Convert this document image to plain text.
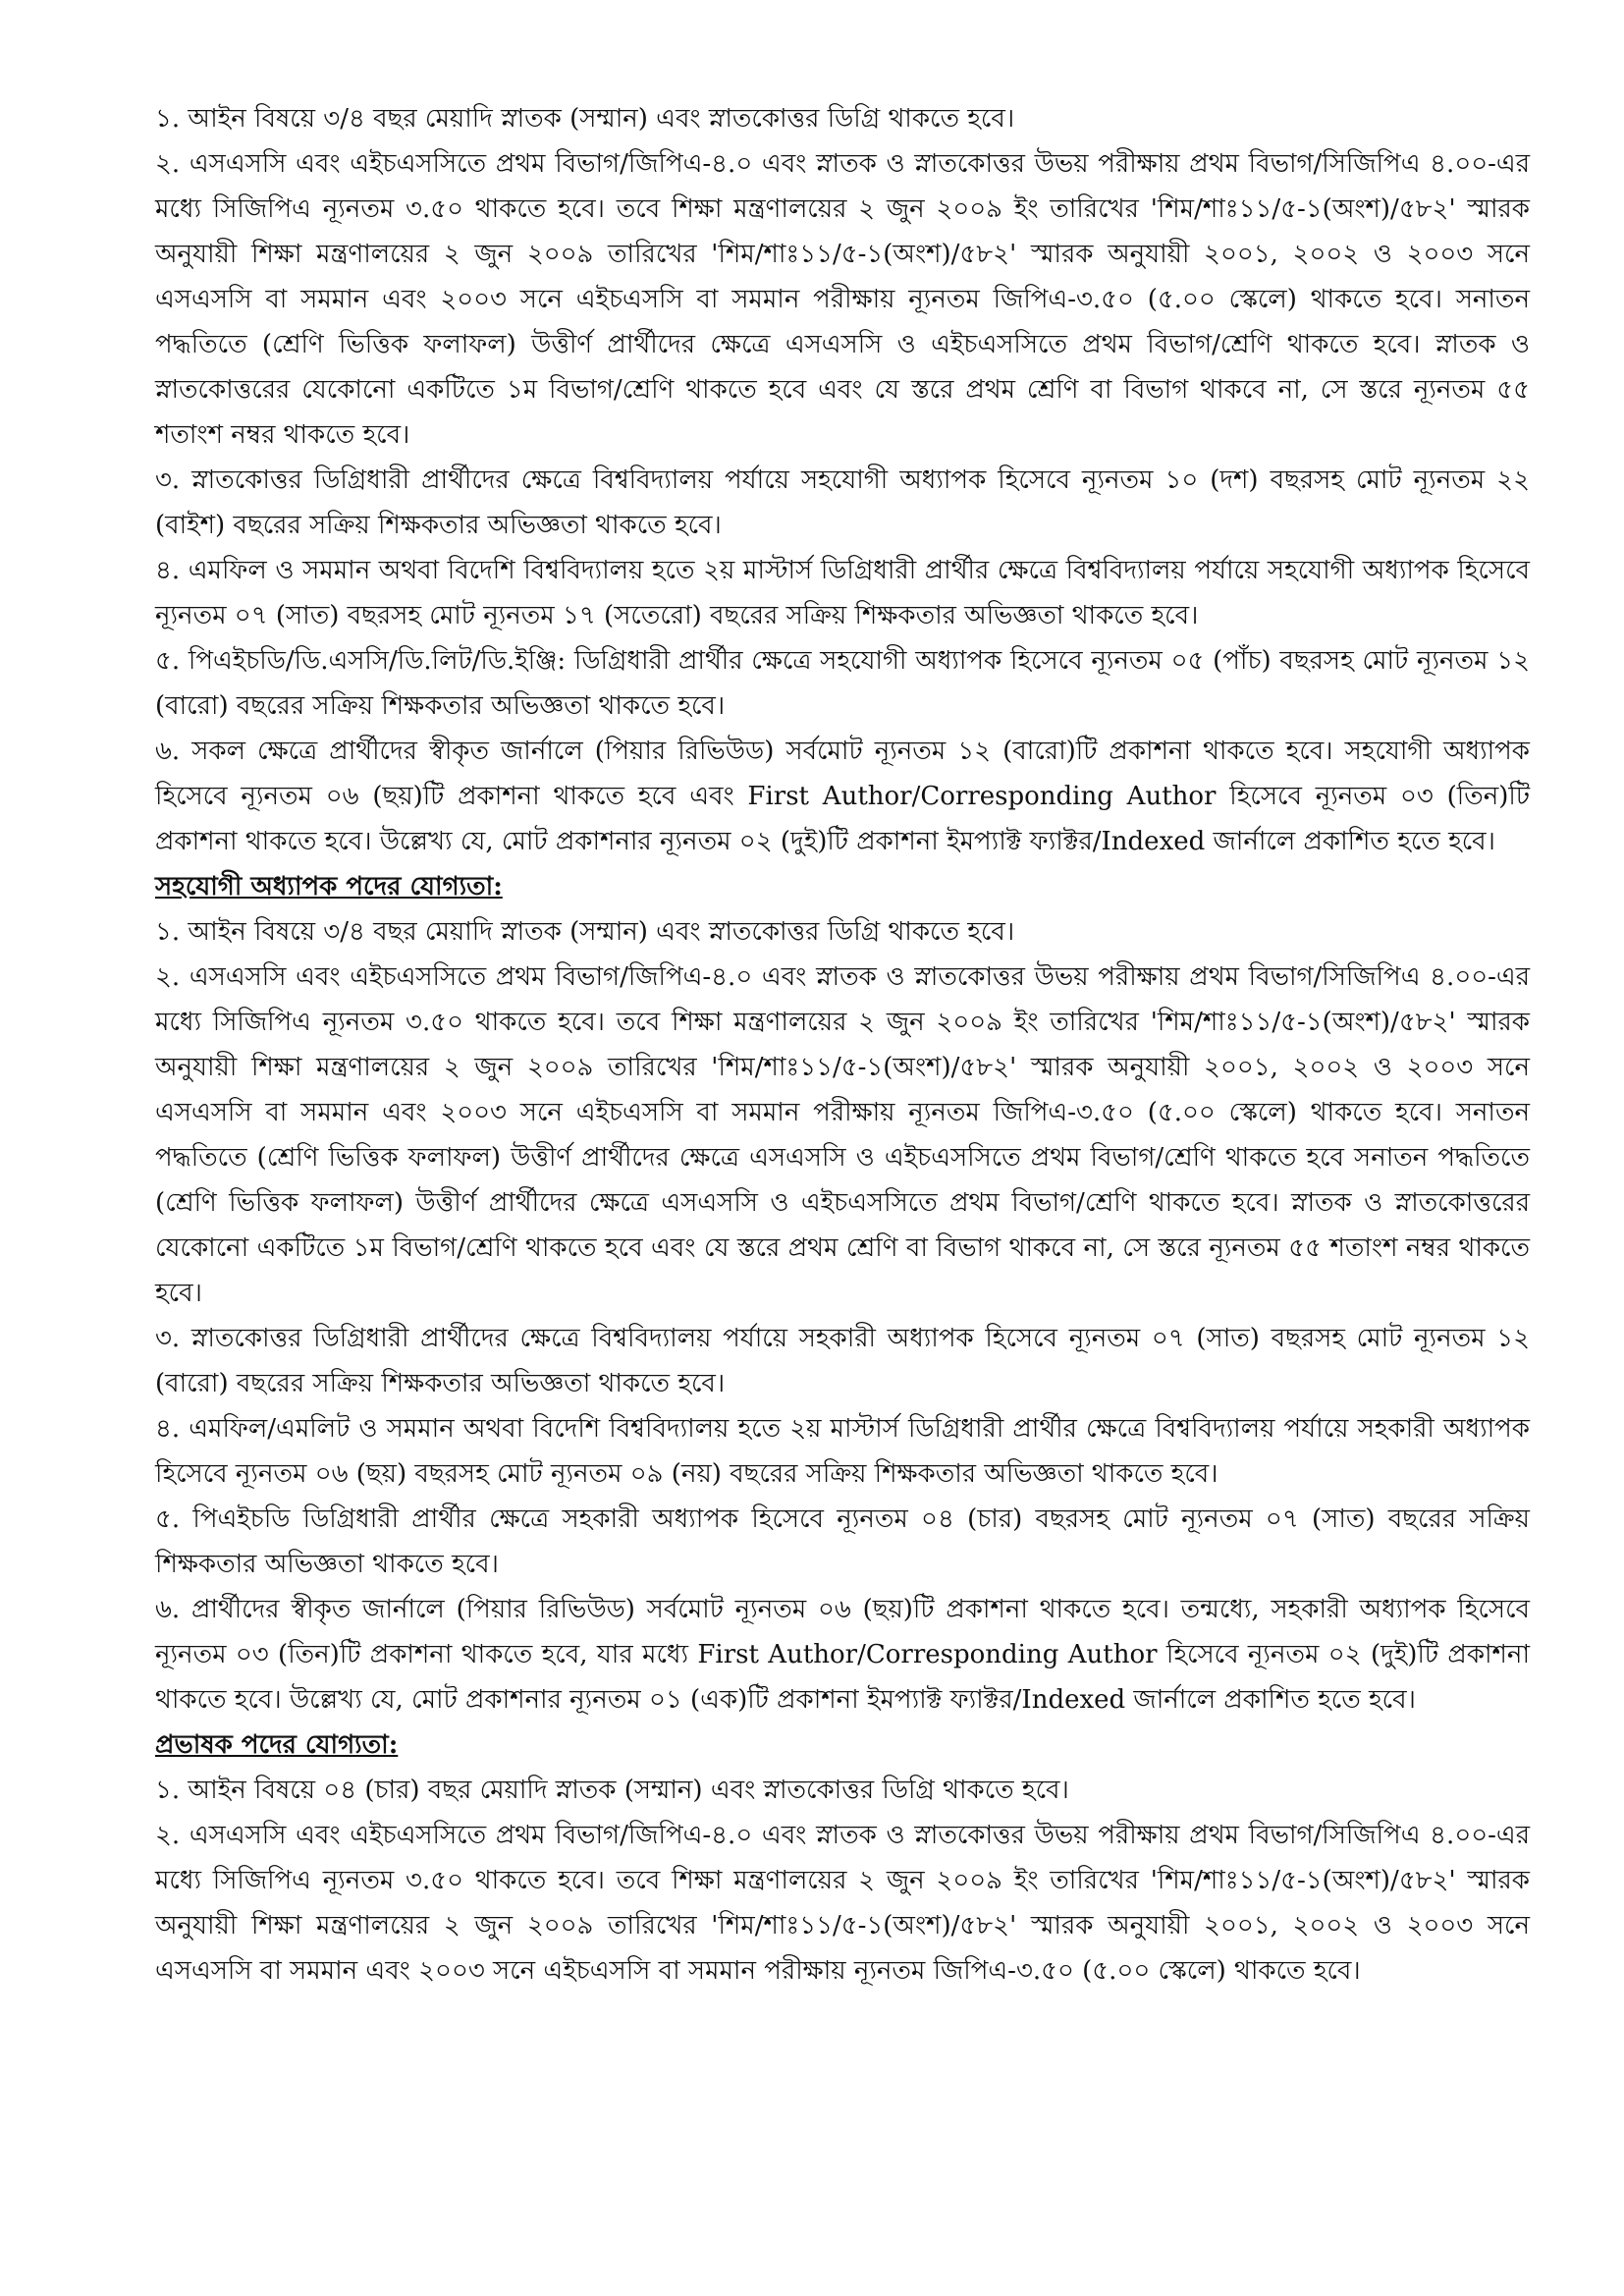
১. আইন বিষয়ে ৩/৪ বছর মেয়াদি স্নাতক (সম্মান) এবং স্নাতকোত্তর ডিগ্রি থাকতে হবে।

২. এসএসসি এবং এইচএসসিতে প্রথম বিভাগ/জিপিএ-৪.০ এবং স্নাতক ও স্নাতকোত্তর উভয় পরীক্ষায় প্রথম বিভাগ/সিজিপিএ ৪.০০-এর মধ্যে সিজিপিএ ন্যূনতম ৩.৫০ থাকতে হবে। তবে শিক্ষা মন্ত্রণালয়ের ২ জুন ২০০৯ ইং তারিখের 'শিম/শাঃ১১/৫-১(অংশ)/৫৮২' স্মারক অনুযায়ী শিক্ষা মন্ত্রণালয়ের ২ জুন ২০০৯ তারিখের 'শিম/শাঃ১১/৫-১(অংশ)/৫৮২' স্মারক অনুযায়ী ২০০১, ২০০২ ও ২০০৩ সনে এসএসসি বা সমমান এবং ২০০৩ সনে এইচএসসি বা সমমান পরীক্ষায় ন্যূনতম জিপিএ-৩.৫০ (৫.০০ স্কেলে) থাকতে হবে। সনাতন পদ্ধতিতে (শ্রেণি ভিত্তিক ফলাফল) উত্তীর্ণ প্রার্থীদের ক্ষেত্রে এসএসসি ও এইচএসসিতে প্রথম বিভাগ/শ্রেণি থাকতে হবে। স্নাতক ও স্নাতকোত্তরের যেকোনো একটিতে ১ম বিভাগ/শ্রেণি থাকতে হবে এবং যে স্তরে প্রথম শ্রেণি বা বিভাগ থাকবে না, সে স্তরে ন্যূনতম ৫৫ শতাংশ নম্বর থাকতে হবে।

৩. স্নাতকোত্তর ডিগ্রিধারী প্রার্থীদের ক্ষেত্রে বিশ্ববিদ্যালয় পর্যায়ে সহযোগী অধ্যাপক হিসেবে ন্যূনতম ১০ (দশ) বছরসহ মোট ন্যূনতম ২২ (বাইশ) বছরের সক্রিয় শিক্ষকতার অভিজ্ঞতা থাকতে হবে।

৪. এমফিল ও সমমান অথবা বিদেশি বিশ্ববিদ্যালয় হতে ২য় মাস্টার্স ডিগ্রিধারী প্রার্থীর ক্ষেত্রে বিশ্ববিদ্যালয় পর্যায়ে সহযোগী অধ্যাপক হিসেবে ন্যূনতম ০৭ (সাত) বছরসহ মোট ন্যূনতম ১৭ (সতেরো) বছরের সক্রিয় শিক্ষকতার অভিজ্ঞতা থাকতে হবে।

৫. পিএইচডি/ডি.এসসি/ডি.লিট/ডি.ইঞ্জি: ডিগ্রিধারী প্রার্থীর ক্ষেত্রে সহযোগী অধ্যাপক হিসেবে ন্যূনতম ০৫ (পাঁচ) বছরসহ মোট ন্যূনতম ১২ (বারো) বছরের সক্রিয় শিক্ষকতার অভিজ্ঞতা থাকতে হবে।

৬. সকল ক্ষেত্রে প্রার্থীদের স্বীকৃত জার্নালে (পিয়ার রিভিউড) সর্বমোট ন্যূনতম ১২ (বারো)টি প্রকাশনা থাকতে হবে। সহযোগী অধ্যাপক হিসেবে ন্যূনতম ০৬ (ছয়)টি প্রকাশনা থাকতে হবে এবং First Author/Corresponding Author হিসেবে ন্যূনতম ০৩ (তিন)টি প্রকাশনা থাকতে হবে। উল্লেখ্য যে, মোট প্রকাশনার ন্যূনতম ০২ (দুই)টি প্রকাশনা ইমপ্যাক্ট ফ্যাক্টর/Indexed জার্নালে প্রকাশিত হতে হবে।

সহযোগী অধ্যাপক পদের যোগ্যতা:

১. আইন বিষয়ে ৩/৪ বছর মেয়াদি স্নাতক (সম্মান) এবং স্নাতকোত্তর ডিগ্রি থাকতে হবে।

২. এসএসসি এবং এইচএসসিতে প্রথম বিভাগ/জিপিএ-৪.০ এবং স্নাতক ও স্নাতকোত্তর উভয় পরীক্ষায় প্রথম বিভাগ/সিজিপিএ ৪.০০-এর মধ্যে সিজিপিএ ন্যূনতম ৩.৫০ থাকতে হবে। তবে শিক্ষা মন্ত্রণালয়ের ২ জুন ২০০৯ ইং তারিখের 'শিম/শাঃ১১/৫-১(অংশ)/৫৮২' স্মারক অনুযায়ী শিক্ষা মন্ত্রণালয়ের ২ জুন ২০০৯ তারিখের 'শিম/শাঃ১১/৫-১(অংশ)/৫৮২' স্মারক অনুযায়ী ২০০১, ২০০২ ও ২০০৩ সনে এসএসসি বা সমমান এবং ২০০৩ সনে এইচএসসি বা সমমান পরীক্ষায় ন্যূনতম জিপিএ-৩.৫০ (৫.০০ স্কেলে) থাকতে হবে। সনাতন পদ্ধতিতে (শ্রেণি ভিত্তিক ফলাফল) উত্তীর্ণ প্রার্থীদের ক্ষেত্রে এসএসসি ও এইচএসসিতে প্রথম বিভাগ/শ্রেণি থাকতে হবে সনাতন পদ্ধতিতে (শ্রেণি ভিত্তিক ফলাফল) উত্তীর্ণ প্রার্থীদের ক্ষেত্রে এসএসসি ও এইচএসসিতে প্রথম বিভাগ/শ্রেণি থাকতে হবে। স্নাতক ও স্নাতকোত্তরের যেকোনো একটিতে ১ম বিভাগ/শ্রেণি থাকতে হবে এবং যে স্তরে প্রথম শ্রেণি বা বিভাগ থাকবে না, সে স্তরে ন্যূনতম ৫৫ শতাংশ নম্বর থাকতে হবে।

৩. স্নাতকোত্তর ডিগ্রিধারী প্রার্থীদের ক্ষেত্রে বিশ্ববিদ্যালয় পর্যায়ে সহকারী অধ্যাপক হিসেবে ন্যূনতম ০৭ (সাত) বছরসহ মোট ন্যূনতম ১২ (বারো) বছরের সক্রিয় শিক্ষকতার অভিজ্ঞতা থাকতে হবে।

৪. এমফিল/এমলিট ও সমমান অথবা বিদেশি বিশ্ববিদ্যালয় হতে ২য় মাস্টার্স ডিগ্রিধারী প্রার্থীর ক্ষেত্রে বিশ্ববিদ্যালয় পর্যায়ে সহকারী অধ্যাপক হিসেবে ন্যূনতম ০৬ (ছয়) বছরসহ মোট ন্যূনতম ০৯ (নয়) বছরের সক্রিয় শিক্ষকতার অভিজ্ঞতা থাকতে হবে।

৫. পিএইচডি ডিগ্রিধারী প্রার্থীর ক্ষেত্রে সহকারী অধ্যাপক হিসেবে ন্যূনতম ০৪ (চার) বছরসহ মোট ন্যূনতম ০৭ (সাত) বছরের সক্রিয় শিক্ষকতার অভিজ্ঞতা থাকতে হবে।

৬. প্রার্থীদের স্বীকৃত জার্নালে (পিয়ার রিভিউড) সর্বমোট ন্যূনতম ০৬ (ছয়)টি প্রকাশনা থাকতে হবে। তন্মধ্যে, সহকারী অধ্যাপক হিসেবে ন্যূনতম ০৩ (তিন)টি প্রকাশনা থাকতে হবে, যার মধ্যে First Author/Corresponding Author হিসেবে ন্যূনতম ০২ (দুই)টি প্রকাশনা থাকতে হবে। উল্লেখ্য যে, মোট প্রকাশনার ন্যূনতম ০১ (এক)টি প্রকাশনা ইমপ্যাক্ট ফ্যাক্টর/Indexed জার্নালে প্রকাশিত হতে হবে।

প্রভাষক পদের যোগ্যতা:

১. আইন বিষয়ে ০৪ (চার) বছর মেয়াদি স্নাতক (সম্মান) এবং স্নাতকোত্তর ডিগ্রি থাকতে হবে।

২. এসএসসি এবং এইচএসসিতে প্রথম বিভাগ/জিপিএ-৪.০ এবং স্নাতক ও স্নাতকোত্তর উভয় পরীক্ষায় প্রথম বিভাগ/সিজিপিএ ৪.০০-এর মধ্যে সিজিপিএ ন্যূনতম ৩.৫০ থাকতে হবে। তবে শিক্ষা মন্ত্রণালয়ের ২ জুন ২০০৯ ইং তারিখের 'শিম/শাঃ১১/৫-১(অংশ)/৫৮২' স্মারক অনুযায়ী শিক্ষা মন্ত্রণালয়ের ২ জুন ২০০৯ তারিখের 'শিম/শাঃ১১/৫-১(অংশ)/৫৮২' স্মারক অনুযায়ী ২০০১, ২০০২ ও ২০০৩ সনে এসএসসি বা সমমান এবং ২০০৩ সনে এইচএসসি বা সমমান পরীক্ষায় ন্যূনতম জিপিএ-৩.৫০ (৫.০০ স্কেলে) থাকতে হবে।
